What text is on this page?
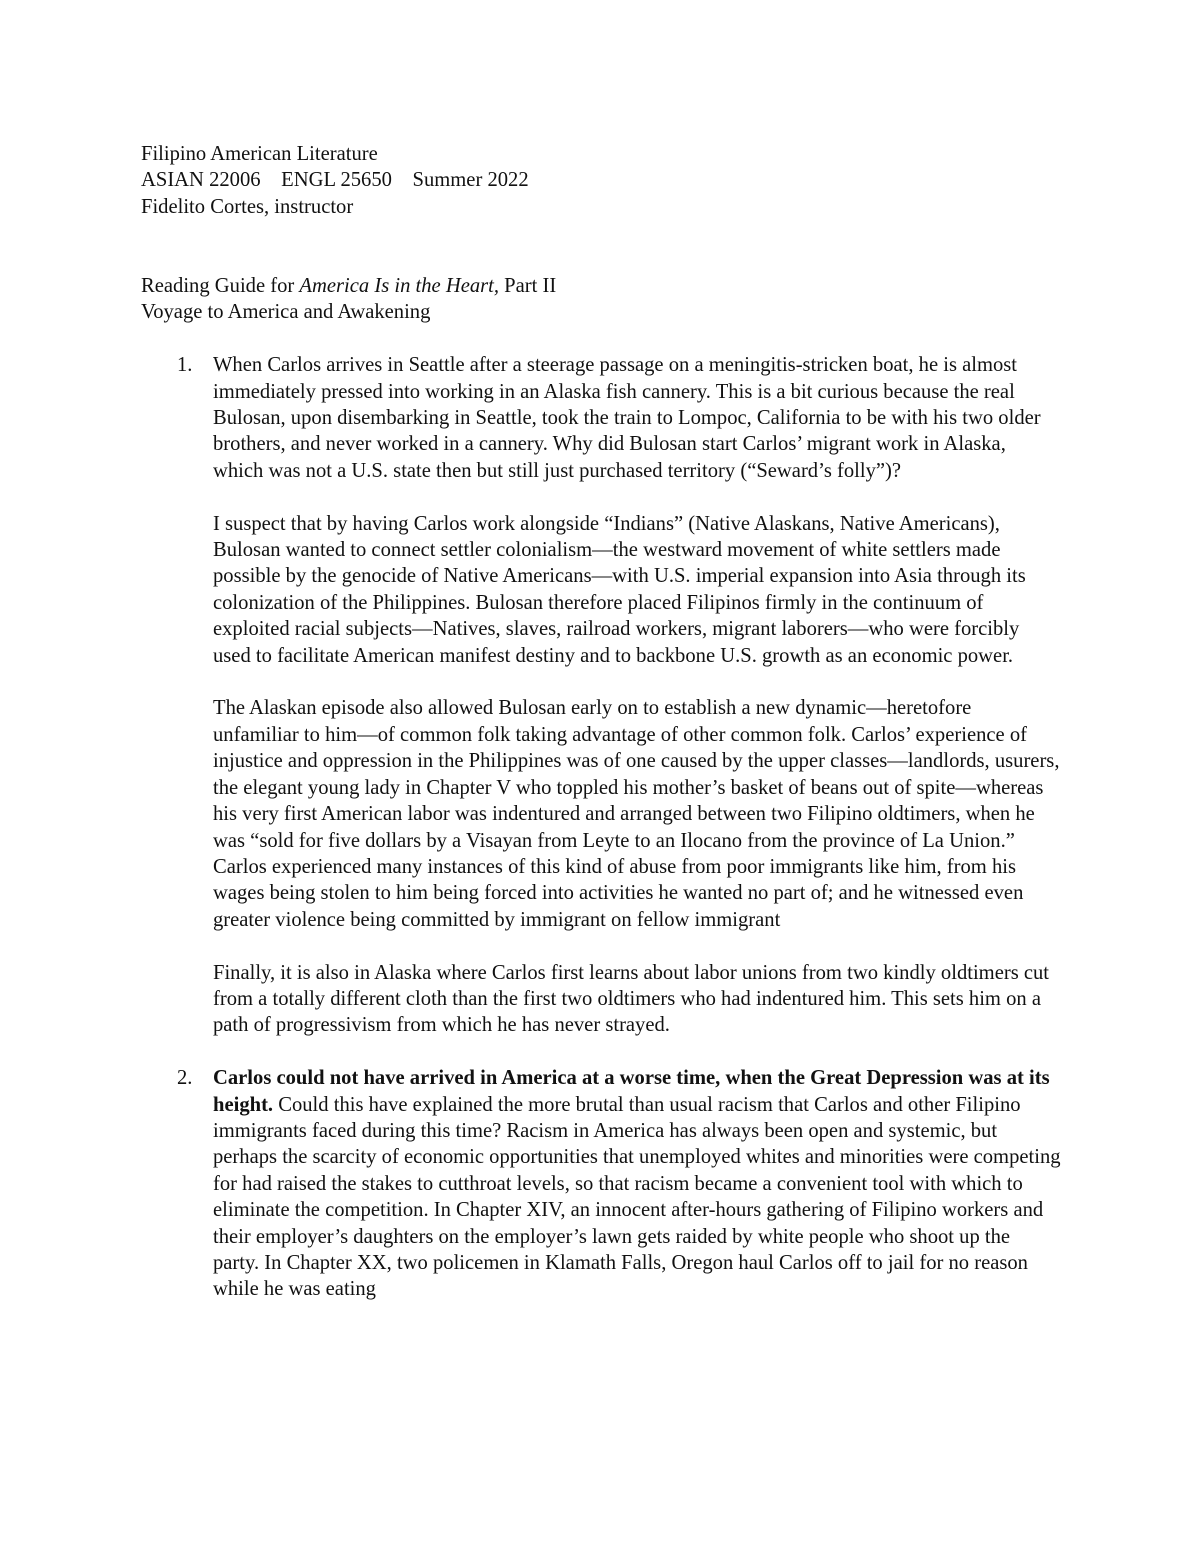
Filipino American Literature

ASIAN 22006    ENGL 25650    Summer 2022

Fidelito Cortes, instructor

Reading Guide for America Is in the Heart, Part II

Voyage to America and Awakening

1. When Carlos arrives in Seattle after a steerage passage on a meningitis-stricken boat, he is almost immediately pressed into working in an Alaska fish cannery. This is a bit curious because the real Bulosan, upon disembarking in Seattle, took the train to Lompoc, California to be with his two older brothers, and never worked in a cannery. Why did Bulosan start Carlos’ migrant work in Alaska, which was not a U.S. state then but still just purchased territory (“Seward’s folly”)?

I suspect that by having Carlos work alongside “Indians” (Native Alaskans, Native Americans), Bulosan wanted to connect settler colonialism—the westward movement of white settlers made possible by the genocide of Native Americans—with U.S. imperial expansion into Asia through its colonization of the Philippines. Bulosan therefore placed Filipinos firmly in the continuum of exploited racial subjects—Natives, slaves, railroad workers, migrant laborers—who were forcibly used to facilitate American manifest destiny and to backbone U.S. growth as an economic power.

The Alaskan episode also allowed Bulosan early on to establish a new dynamic—heretofore unfamiliar to him—of common folk taking advantage of other common folk. Carlos’ experience of injustice and oppression in the Philippines was of one caused by the upper classes—landlords, usurers, the elegant young lady in Chapter V who toppled his mother’s basket of beans out of spite—whereas his very first American labor was indentured and arranged between two Filipino oldtimers, when he was “sold for five dollars by a Visayan from Leyte to an Ilocano from the province of La Union.” Carlos experienced many instances of this kind of abuse from poor immigrants like him, from his wages being stolen to him being forced into activities he wanted no part of; and he witnessed even greater violence being committed by immigrant on fellow immigrant

Finally, it is also in Alaska where Carlos first learns about labor unions from two kindly oldtimers cut from a totally different cloth than the first two oldtimers who had indentured him. This sets him on a path of progressivism from which he has never strayed.

2. Carlos could not have arrived in America at a worse time, when the Great Depression was at its height. Could this have explained the more brutal than usual racism that Carlos and other Filipino immigrants faced during this time? Racism in America has always been open and systemic, but perhaps the scarcity of economic opportunities that unemployed whites and minorities were competing for had raised the stakes to cutthroat levels, so that racism became a convenient tool with which to eliminate the competition. In Chapter XIV, an innocent after-hours gathering of Filipino workers and their employer’s daughters on the employer’s lawn gets raided by white people who shoot up the party. In Chapter XX, two policemen in Klamath Falls, Oregon haul Carlos off to jail for no reason while he was eating
